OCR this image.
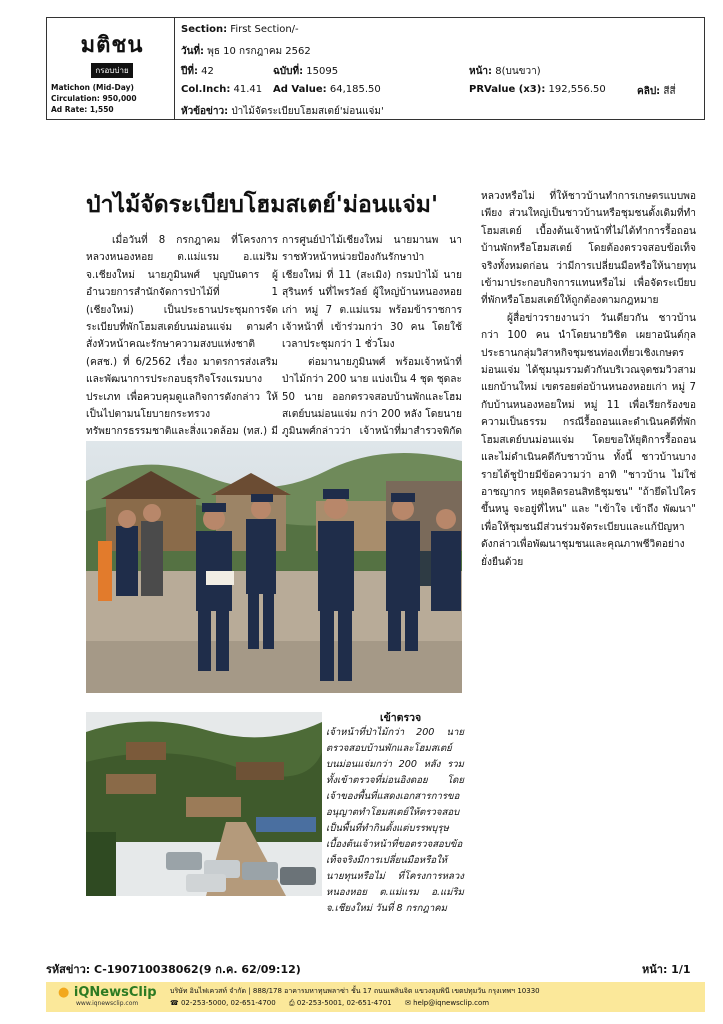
มติชน
กรอบบ่าย
Matichon (Mid-Day)
Circulation: 950,000
Ad Rate: 1,550
Section: First Section/-
วันที่: พุธ 10 กรกฎาคม 2562
ปีที่: 42	ฉบับที่: 15095	หน้า: 8(บนขวา)
Col.Inch: 41.41 Ad Value: 64,185.50	PRValue (x3): 192,556.50	คลิป: สีสี่
หัวข้อข่าว: ป่าไม้จัดระเบียบโฮมสเตย์'ม่อนแจ่ม'
ป่าไม้จัดระเบียบโฮมสเตย์'ม่อนแจ่ม'

เมื่อวันที่ 8 กรกฎาคม ที่โครงการหลวงหนองหอย ต.แม่แรม อ.แม่ริม จ.เชียงใหม่ นายภูมินพศ์ บุญบันดาร ผู้อำนวยการสำนักจัดการป่าไม้ที่ 1 (เชียงใหม่) เป็นประธานประชุมการจัดระเบียบที่พักโฮมสเตย์บนม่อนแจ่ม ตามคำสั่งหัวหน้าคณะรักษาความสงบแห่งชาติ (คสช.) ที่ 6/2562 เรื่อง มาตรการส่งเสริมและพัฒนาการประกอบธุรกิจโรงแรมบางประเภท เพื่อควบคุมดูแลกิจการดังกล่าว ให้เป็นไปตามนโยบายกระทรวงทรัพยากรธรรมชาติและสิ่งแวดล้อม (ทส.) มี

การศูนย์ป่าไม้เชียงใหม่ นายมานพ นาราชหัวหน้าหน่วยป้องกันรักษาป่าเชียงใหม่ ที่ 11 (สะเมิง) กรมป่าไม้ นายสุรินทร์ นที่ไพรวัลย์ ผู้ใหญ่บ้านหนองหอยเก่า หมู่ 7 ต.แม่แรม พร้อมข้าราชการ เจ้าหน้าที่ เข้าร่วมกว่า 30 คน โดยใช้เวลาประชุมกว่า 1 ชั่วโมง

ต่อมานายภูมินพศ์ พร้อมเจ้าหน้าที่ป่าไม้กว่า 200 นาย แบ่งเป็น 4 ชุด ชุดละ 50 นาย ออกตรวจสอบบ้านพักและโฮมสเตย์บนม่อนแจ่ม กว่า 200 หลัง โดยนายภูมินพศ์กล่าวว่า เจ้าหน้าที่มาสำรวจพิกัด

หลวงหรือไม่ ที่ให้ชาวบ้านทำการเกษตรแบบพอเพียง ส่วนใหญ่เป็นชาวบ้านหรือชุมชนดั้งเดิมที่ทำโฮมสเตย์ เบื้องต้นเจ้าหน้าที่ไม่ได้ทำการรื้อถอนบ้านพักหรือโฮมสเตย์ โดยต้องตรวจสอบข้อเท็จจริงทั้งหมดก่อน ว่ามีการเปลี่ยนมือหรือให้นายทุนเข้ามาประกอบกิจการแทนหรือไม่ เพื่อจัดระเบียบที่พักหรือโฮมสเตย์ให้ถูกต้องตามกฎหมาย

ผู้สื่อข่าวรายงานว่า วันเดียวกัน ชาวบ้านกว่า 100 คน นำโดยนายวิชิต เผยาอนันต์กุล ประธานกลุ่มวิสาหกิจชุมชนท่องเที่ยวเชิงเกษตรม่อนแจ่ม ได้ชุมนุมรวมตัวกันบริเวณจุดชมวิวสามแยกบ้านใหม่ เขตรอยต่อบ้านหนองหอยเก่า หมู่ 7 กับบ้านหนองหอยใหม่ หมู่ 11 เพื่อเรียกร้องขอความเป็นธรรม กรณีรื้อถอนและดำเนินคดีที่พักโฮมสเตย์บนม่อนแจ่ม โดยขอให้ยุติการรื้อถอน และไม่ดำเนินคดีกับชาวบ้าน ทั้งนี้ ชาวบ้านบางรายได้ชูป้ายมีข้อความว่า อาทิ "ชาวบ้าน ไม่ใช่อาชญากร หยุดลิดรอนสิทธิชุมชน" "ถ้ายึดไปใครขึ้นหนู จะอยู่ที่ไหน" และ "เข้าใจ เข้าถึง พัฒนา" เพื่อให้ชุมชนมีส่วนร่วมจัดระเบียบและแก้ปัญหาดังกล่าวเพื่อพัฒนาชุมชนและคุณภาพชีวิตอย่างยั่งยืนด้วย

เข้าตรวจ
เจ้าหน้าที่ป่าไม้กว่า 200 นาย ตรวจสอบบ้านพักและโฮมสเตย์บนม่อนแจ่มกว่า 200 หลัง รวมทั้งเข้าตรวจที่ม่อนอิงดอย โดยเจ้าของพื้นที่แสดงเอกสารการขออนุญาตทำโฮมสเตย์ให้ตรวจสอบ เป็นพื้นที่ทำกินดั้งแต่บรรพบุรุษ เบื้องต้นเจ้าหน้าที่ขอตรวจสอบข้อเท็จจริงมีการเปลี่ยนมือหรือให้นายทุนหรือไม่ ที่โครงการหลวงหนองหอย ต.แม่แรม อ.แม่ริม จ.เชียงใหม่ วันที่ 8 กรกฎาคม
รหัสข่าว: C-190710038062(9 ก.ค. 62/09:12)	หน้า: 1/1
● iQNewsClip
www.iqnewsclip.com
บริษัท อินไฟเควสท์ จำกัด | 888/178 อาคารมหาทุนพลาซ่า ชั้น 17 ถนนเพลินจิต แขวงลุมพินี เขตปทุมวัน กรุงเทพฯ 10330
☎ 02-253-5000, 02-651-4700 ⎙ 02-253-5001, 02-651-4701 ✉ help@iqnewsclip.com
